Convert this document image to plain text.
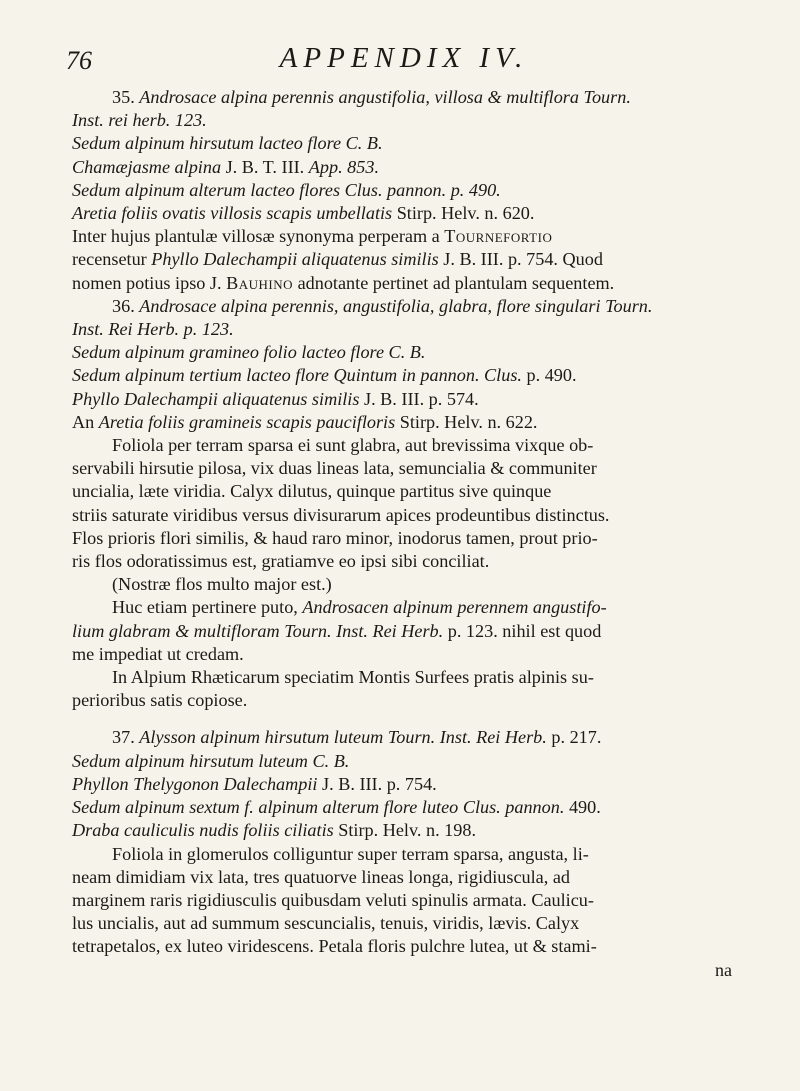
76	APPENDIX IV.
35. Androsace alpina perennis angustifolia, villosa & multiflora Tourn.
Inst. rei herb. 123.
Sedum alpinum hirsutum lacteo flore C. B.
Chamæjasme alpina J. B. T. III. App. 853.
Sedum alpinum alterum lacteo flores Clus. pannon. p. 490.
Aretia foliis ovatis villosis scapis umbellatis Stirp. Helv. n. 620.
Inter hujus plantulæ villosæ synonyma perperam a Tournefortio
recensetur Phyllo Dalechampii aliquatenus similis J. B. III. p. 754. Quod
nomen potius ipso J. Bauhino adnotante pertinet ad plantulam sequentem.
36. Androsace alpina perennis, angustifolia, glabra, flore singulari Tourn.
Inst. Rei Herb. p. 123.
Sedum alpinum gramineo folio lacteo flore C. B.
Sedum alpinum tertium lacteo flore Quintum in pannon. Clus. p. 490.
Phyllo Dalechampii aliquatenus similis J. B. III. p. 574.
An Aretia foliis gramineis scapis paucifloris Stirp. Helv. n. 622.
Foliola per terram sparsa ei sunt glabra, aut brevissima vixque ob-
servabili hirsutie pilosa, vix duas lineas lata, semuncialia & communiter
uncialia, læte viridia. Calyx dilutus, quinque partitus sive quinque
striis saturate viridibus versus divisurarum apices prodeuntibus distinctus.
Flos prioris flori similis, & haud raro minor, inodorus tamen, prout prio-
ris flos odoratissimus est, gratiamve eo ipsi sibi conciliat.
(Nostræ flos multo major est.)
Huc etiam pertinere puto, Androsacen alpinum perennem angustifo-
lium glabram & multifloram Tourn. Inst. Rei Herb. p. 123. nihil est quod
me impediat ut credam.
In Alpium Rhæticarum speciatim Montis Surfees pratis alpinis su-
perioribus satis copiose.
37. Alysson alpinum hirsutum luteum Tourn. Inst. Rei Herb. p. 217.
Sedum alpinum hirsutum luteum C. B.
Phyllon Thelygonon Dalechampii J. B. III. p. 754.
Sedum alpinum sextum f. alpinum alterum flore luteo Clus. pannon. 490.
Draba cauliculis nudis foliis ciliatis Stirp. Helv. n. 198.
Foliola in glomerulos colliguntur super terram sparsa, angusta, li-
neam dimidiam vix lata, tres quatuorve lineas longa, rigidiuscula, ad
marginem raris rigidiusculis quibusdam veluti spinulis armata. Caulicu-
lus uncialis, aut ad summum sescuncialis, tenuis, viridis, lævis. Calyx
tetrapetalos, ex luteo viridescens. Petala floris pulchre lutea, ut & stami-
na
